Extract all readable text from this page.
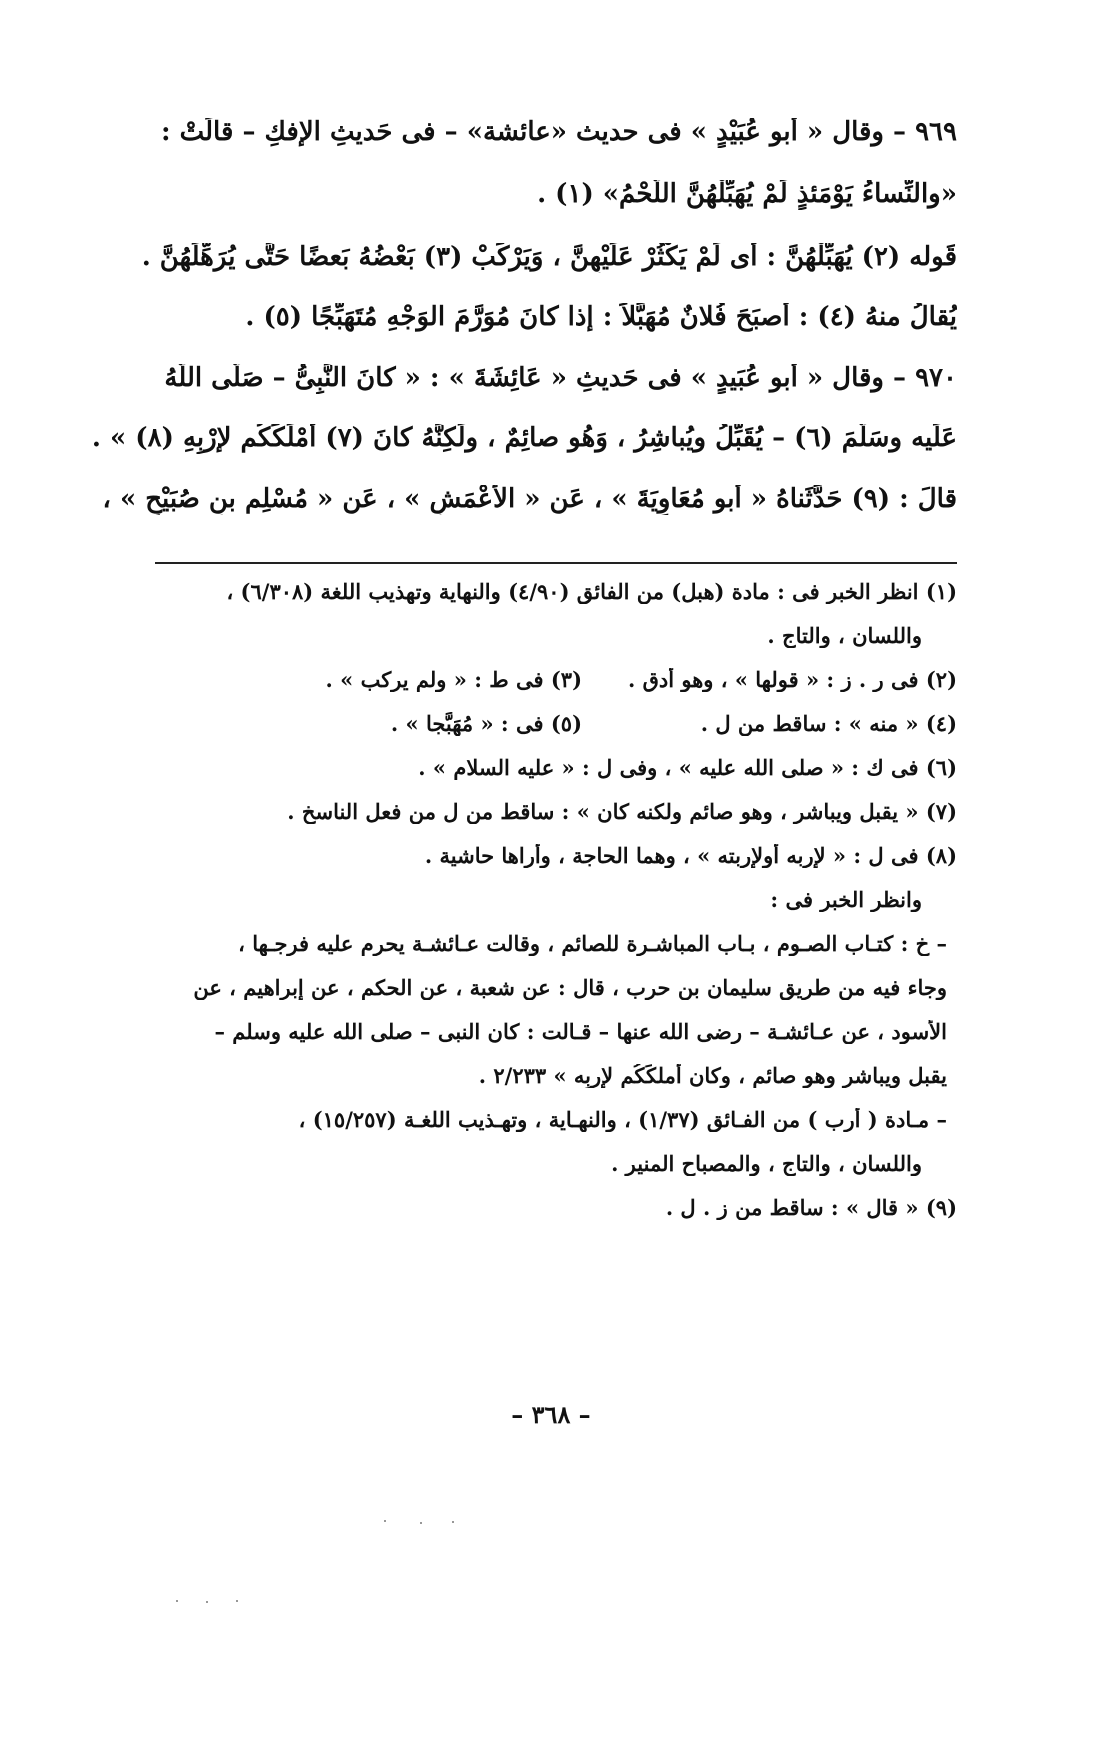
٩٦٩ – وقال « أبو عُبَيْدٍ » فى حديث «عائشة» – فى حَديثِ الإفكِ – قالَتْ :
«والنِّساءُ يَوْمَئذٍ لَمْ يُهَبِّلْهُنَّ اللَّحْمُ» (١) .
قَوله (٢) يُهَبِّلْهُنَّ : أى لَمْ يَكْثُرْ عَلَيْهِنَّ ، وَيَرْكَبْ (٣) بَعْضُهُ بَعضًا حَتَّى يُرَهِّلَهُنَّ .
يُقالُ منهُ (٤) : أَصبَحَ فُلانٌ مُهَبَّلاً : إذا كانَ مُوَرَّمَ الوَجْهِ مُتَهَبِّجًا (٥) .
٩٧٠ – وقال « أبو عُبَيدٍ » فى حَديثِ « عَائِشَةَ » : « كانَ النَّبِىُّ – صَلَّى اللَّهُ
عَلَيه وسَلَّمَ (٦) – يُقَبِّلُ ويُباشِرُ ، وَهُو صائِمٌ ، ولَكِنَّهُ كانَ (٧) أَمْلَكَكُم لإرْبِهِ (٨) » .
قالَ : (٩) حَدَّثَناهُ « أبو مُعَاوِيَةَ » ، عَن « الأَعْمَشِ » ، عَن « مُسْلِم بنِ صُبَيْحٍ » ،
(١) انظر الخبر فى : مادة (هبل) من الفائق (٤/٩٠) والنهاية وتهذيب اللغة (٦/٣٠٨) ،
واللسان ، والتاج .
(٢) فى ر . ز : « قولها » ، وهو أدق .
(٣) فى ط : « ولم يركب » .
(٤) « منه » : ساقط من ل .
(٥) فى : « مُهَبَّجا » .
(٦) فى ك : « صلى الله عليه » ، وفى ل : « عليه السلام » .
(٧) « يقبل ويباشر ، وهو صائم ولكنه كان » : ساقط من ل من فعل الناسخ .
(٨) فى ل : « لإربه أولإربته » ، وهما الحاجة ، وأراها حاشية .
وانظر الخبر فى :
– خ : كتـاب الصـوم ، بـاب المباشـرة للصائم ، وقالت عـائشـة يحرم عليه فرجـها ،
وجاء فيه من طريق سليمان بن حرب ، قال : عن شعبة ، عن الحكم ، عن إبراهيم ، عن
الأسود ، عن عـائشـة – رضى الله عنها – قـالت : كان النبى – صلى الله عليه وسلم –
يقبل ويباشر وهو صائم ، وكان أملكَكُم لإربِه » ٢/٢٣٣ .
– مـادة ( أرب ) من الفـائق (١/٣٧) ، والنهـاية ، وتهـذيب اللغـة (١٥/٢٥٧) ،
واللسان ، والتاج ، والمصباح المنير .
(٩) « قال » : ساقط من ز . ل .
– ٣٦٨ –
